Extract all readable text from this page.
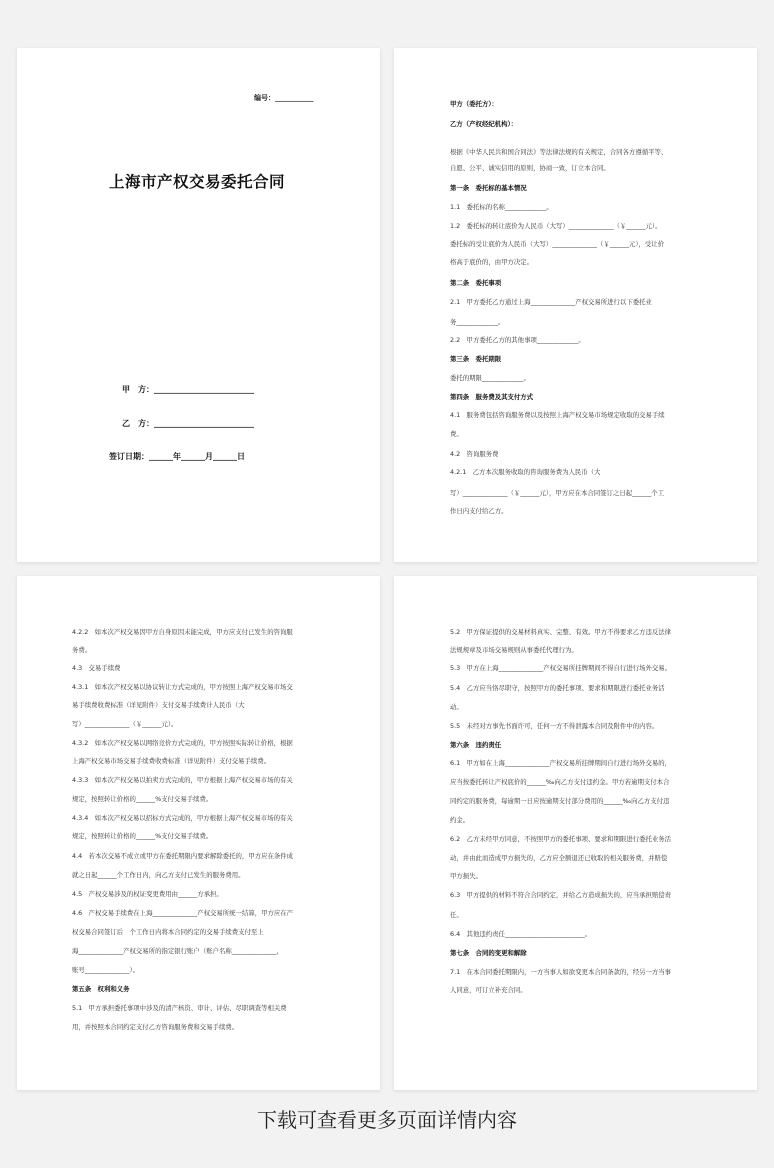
编号：___________
上海市产权交易委托合同
甲　方：_________________________
乙　方：_________________________
签订日期：______年______月______日
甲方（委托方）：
乙方（产权经纪机构）：
根据《中华人民共和国合同法》等法律法规的有关规定，合同各方遵循平等、
自愿、公平、诚实信用的原则，协商一致，订立本合同。
第一条　委托标的基本情况
1.1　委托标的名称_____________。
1.2　委托标的转让底价为人民币（大写）______________（￥______元）。
委托标的受让底价为人民币（大写）______________（￥______元），受让价
格高于底价的，由甲方决定。
第二条　委托事项
2.1　甲方委托乙方通过上海______________产权交易所进行以下委托业
务_____________。
2.2　甲方委托乙方的其他事项_____________。
第三条　委托期限
委托的期限_____________。
第四条　服务费及其支付方式
4.1　服务费包括咨询服务费以及按照上海产权交易市场规定收取的交易手续
费。
4.2　咨询服务费
4.2.1　乙方本次服务收取的咨询服务费为人民币（大
写）______________（￥______元），甲方应在本合同签订之日起______个工
作日内支付给乙方。
4.2.2　如本次产权交易因甲方自身原因未能完成，甲方应支付已发生的咨询服
务费。
4.3　交易手续费
4.3.1　如本次产权交易以协议转让方式完成的，甲方按照上海产权交易市场交
易手续费收费标准（详见附件）支付交易手续费计人民币（大
写）______________（￥______元）。
4.3.2　如本次产权交易以网络竞价方式完成的，甲方按照实际转让价格，根据
上海产权交易市场交易手续费收费标准（详见附件）支付交易手续费。
4.3.3　如本次产权交易以拍卖方式完成的，甲方根据上海产权交易市场的有关
规定，按照转让价格的______%支付交易手续费。
4.3.4　如本次产权交易以招标方式完成的，甲方根据上海产权交易市场的有关
规定，按照转让价格的______%支付交易手续费。
4.4　若本次交易不成立或甲方在委托期限内要求解除委托的，甲方应在条件成
就之日起______个工作日内，向乙方支付已发生的服务费用。
4.5　产权交易涉及的权证变更费用由______方承担。
4.6　产权交易手续费在上海______________产权交易所统一结算，甲方应在产
权交易合同签订后　个工作日内将本合同约定的交易手续费支付至上
海______________产权交易所的指定银行账户（账户名称______________，
账号______________）。
第五条　权利和义务
5.1　甲方承担委托事项中涉及的清产核资、审计、评估、尽职调查等相关费
用，并按照本合同约定支付乙方咨询服务费和交易手续费。
5.2　甲方保证提供的交易材料真实、完整、有效。甲方不得要求乙方违反法律
法规规章及市场交易规则从事委托代理行为。
5.3　甲方在上海______________产权交易所挂牌期间不得自行进行场外交易。
5.4　乙方应当恪尽职守，按照甲方的委托事项、要求和期限进行委托业务活
动。
5.5　未经对方事先书面许可，任何一方不得泄露本合同及附件中的内容。
第六条　违约责任
6.1　甲方如在上海______________产权交易所挂牌期间自行进行场外交易的，
应当按委托转让产权底价的______‰向乙方支付违约金。甲方若逾期支付本合
同约定的服务费，每逾期一日应按逾期支付部分费用的______‰向乙方支付违
约金。
6.2　乙方未经甲方同意，不按照甲方的委托事项、要求和期限进行委托业务活
动，并由此而造成甲方损失的，乙方应全额退还已收取的相关服务费，并赔偿
甲方损失。
6.3　甲方提供的材料不符合合同约定，并给乙方造成损失的，应当承担赔偿责
任。
6.4　其他违约责任_________________________。
第七条　合同的变更和解除
7.1　在本合同委托期限内，一方当事人如欲变更本合同条款的，经另一方当事
人同意，可订立补充合同。
下载可查看更多页面详情内容
